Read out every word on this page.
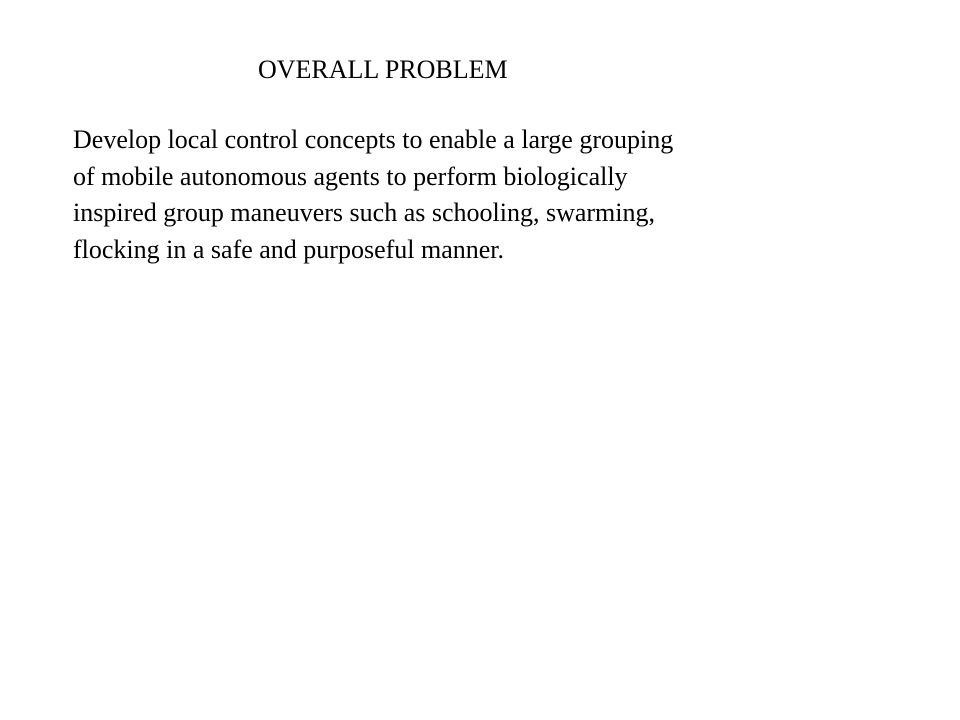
OVERALL PROBLEM
Develop local control concepts to enable a large grouping
of mobile autonomous agents to perform biologically
inspired group maneuvers such as schooling, swarming,
flocking in a safe and purposeful manner.
